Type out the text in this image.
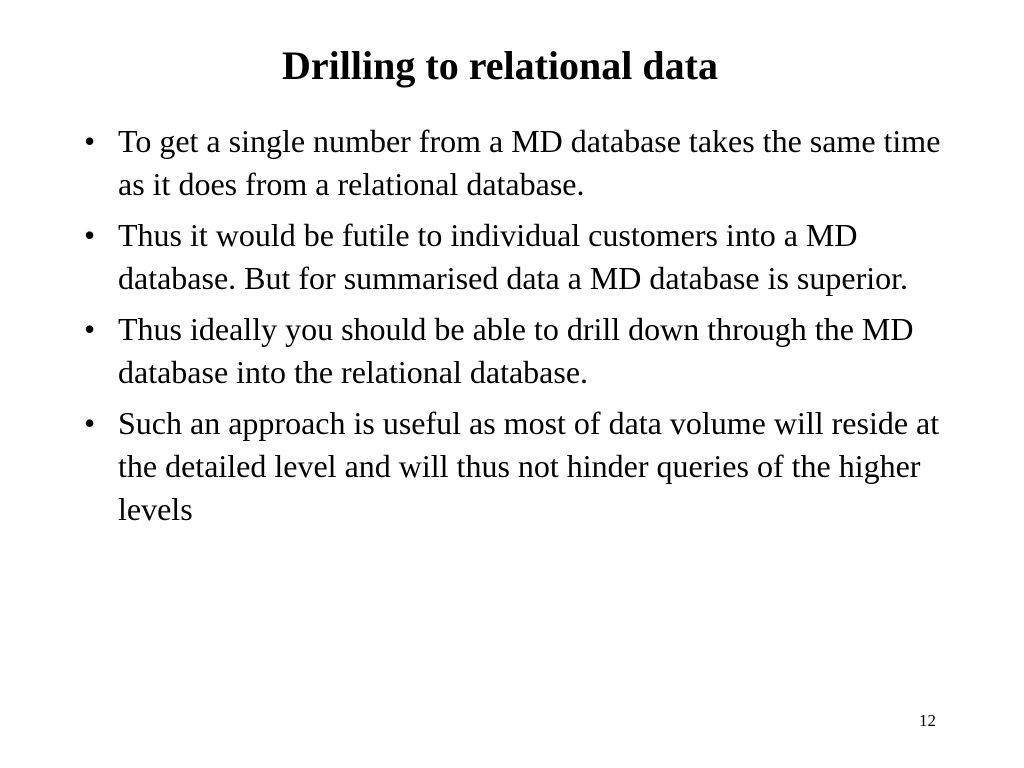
Drilling to relational data
• To get a single number from a MD database takes the same time as it does from a relational database.
• Thus it would be futile to individual customers into a MD database. But for summarised data a MD database is superior.
• Thus ideally you should be able to drill down through the MD database into the relational database.
• Such an approach is useful as most of data volume will reside at the detailed level and will thus not hinder queries of the higher levels
12
